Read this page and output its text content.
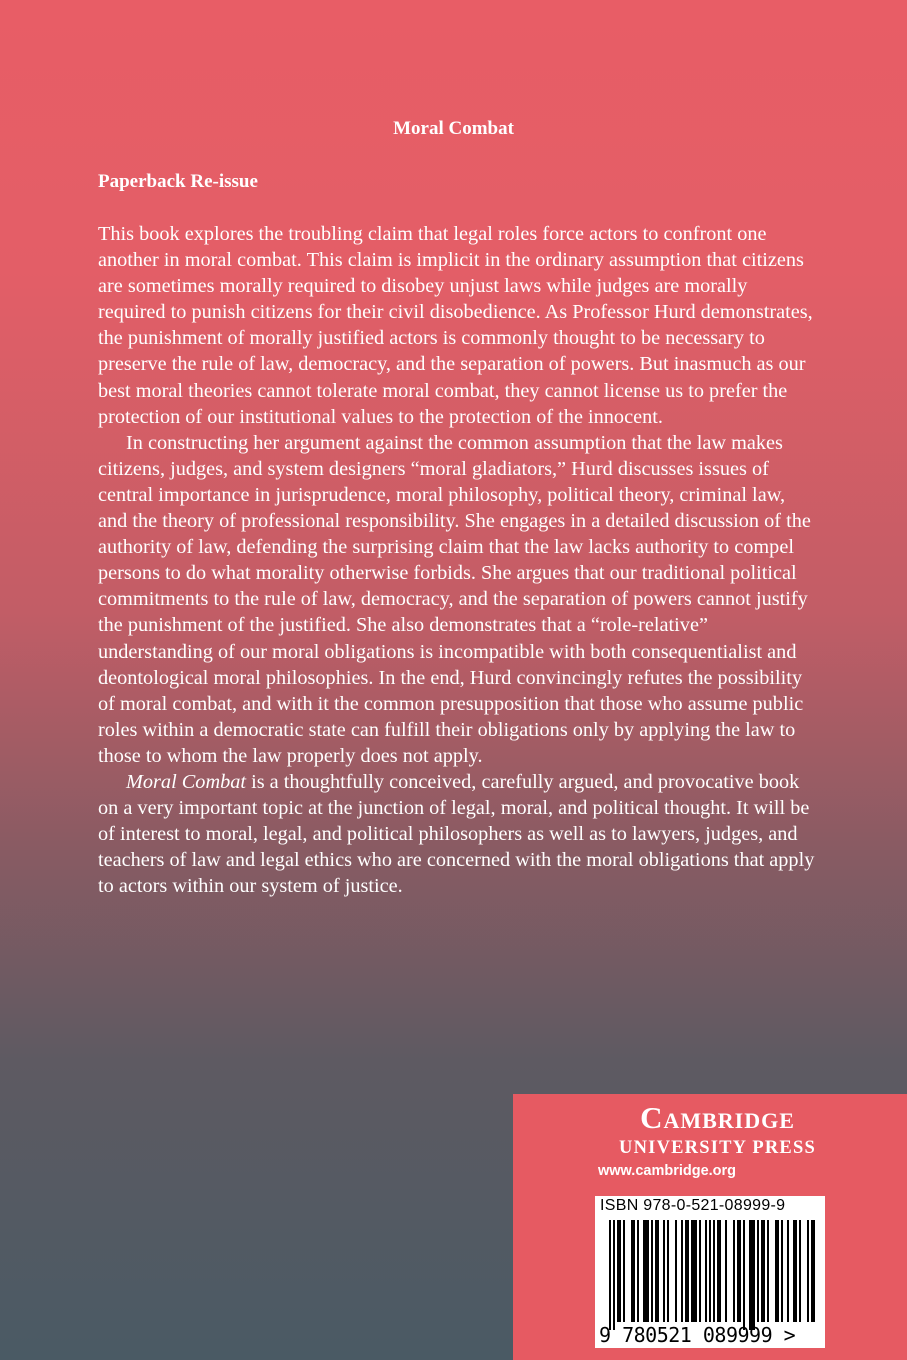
Moral Combat
Paperback Re-issue

This book explores the troubling claim that legal roles force actors to confront one another in moral combat. This claim is implicit in the ordinary assumption that citizens are sometimes morally required to disobey unjust laws while judges are morally required to punish citizens for their civil disobedience. As Professor Hurd demonstrates, the punishment of morally justified actors is commonly thought to be necessary to preserve the rule of law, democracy, and the separation of powers. But inasmuch as our best moral theories cannot tolerate moral combat, they cannot license us to prefer the protection of our institutional values to the protection of the innocent.

In constructing her argument against the common assumption that the law makes citizens, judges, and system designers “moral gladiators,” Hurd discusses issues of central importance in jurisprudence, moral philosophy, political theory, criminal law, and the theory of professional responsibility. She engages in a detailed discussion of the authority of law, defending the surprising claim that the law lacks authority to compel persons to do what morality otherwise forbids. She argues that our traditional political commitments to the rule of law, democracy, and the separation of powers cannot justify the punishment of the justified. She also demonstrates that a “role-relative” understanding of our moral obligations is incompatible with both consequentialist and deontological moral philosophies. In the end, Hurd convincingly refutes the possibility of moral combat, and with it the common presupposition that those who assume public roles within a democratic state can fulfill their obligations only by applying the law to those to whom the law properly does not apply.

Moral Combat is a thoughtfully conceived, carefully argued, and provocative book on a very important topic at the junction of legal, moral, and political thought. It will be of interest to moral, legal, and political philosophers as well as to lawyers, judges, and teachers of law and legal ethics who are concerned with the moral obligations that apply to actors within our system of justice.

Cambridge
UNIVERSITY PRESS
www.cambridge.org
ISBN 978-0-521-08999-9
9 780521 089999 >
